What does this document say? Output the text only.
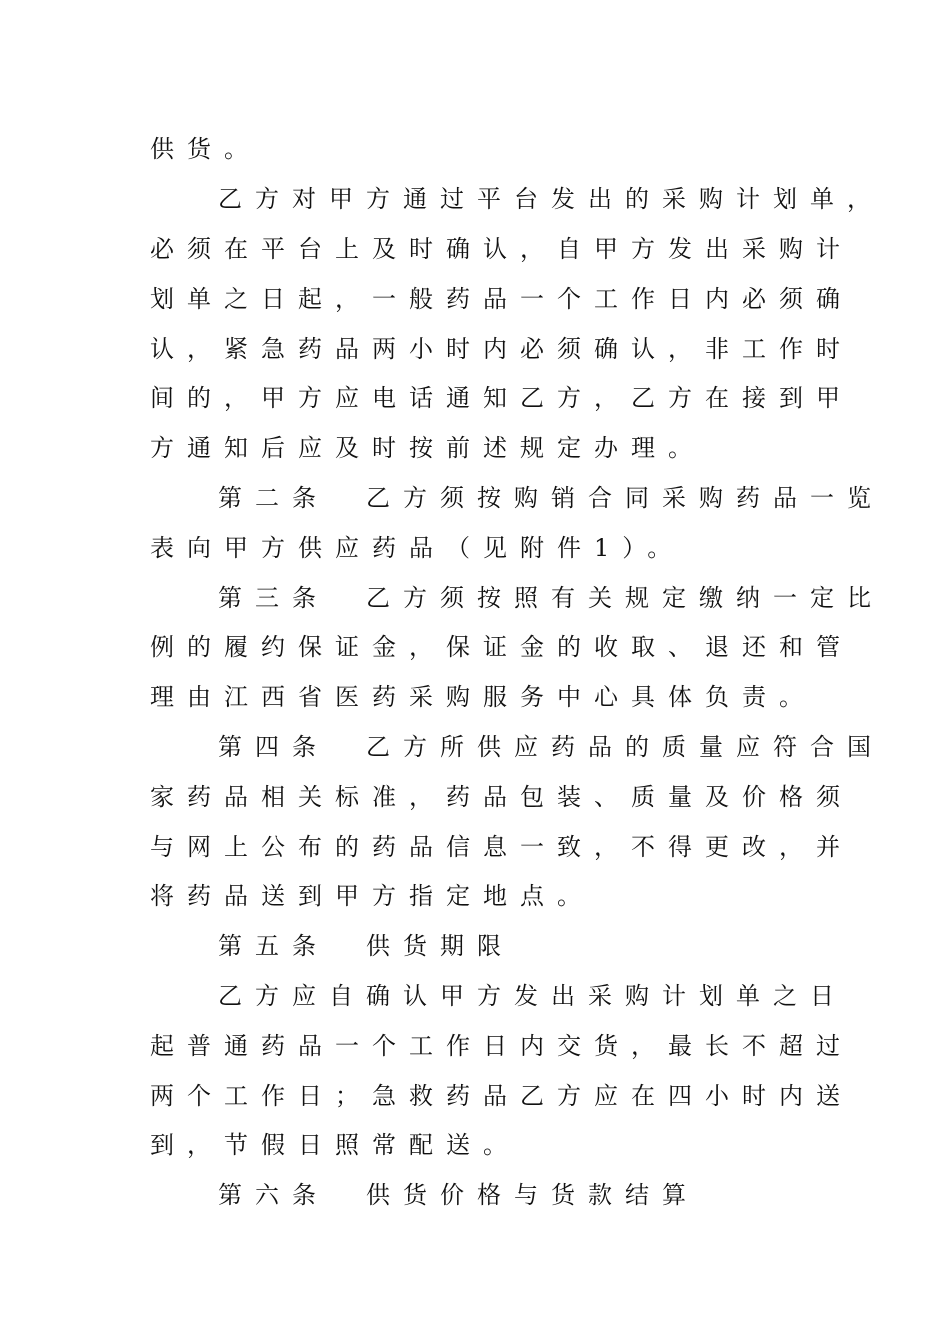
供货。
乙方对甲方通过平台发出的采购计划单，
必须在平台上及时确认，自甲方发出采购计
划单之日起，一般药品一个工作日内必须确
认，紧急药品两小时内必须确认，非工作时
间的，甲方应电话通知乙方，乙方在接到甲
方通知后应及时按前述规定办理。
第二条　乙方须按购销合同采购药品一览
表向甲方供应药品（见附件1）。
第三条　乙方须按照有关规定缴纳一定比
例的履约保证金，保证金的收取、退还和管
理由江西省医药采购服务中心具体负责。
第四条　乙方所供应药品的质量应符合国
家药品相关标准，药品包装、质量及价格须
与网上公布的药品信息一致，不得更改，并
将药品送到甲方指定地点。
第五条　供货期限
乙方应自确认甲方发出采购计划单之日
起普通药品一个工作日内交货，最长不超过
两个工作日；急救药品乙方应在四小时内送
到，节假日照常配送。
第六条　供货价格与货款结算
